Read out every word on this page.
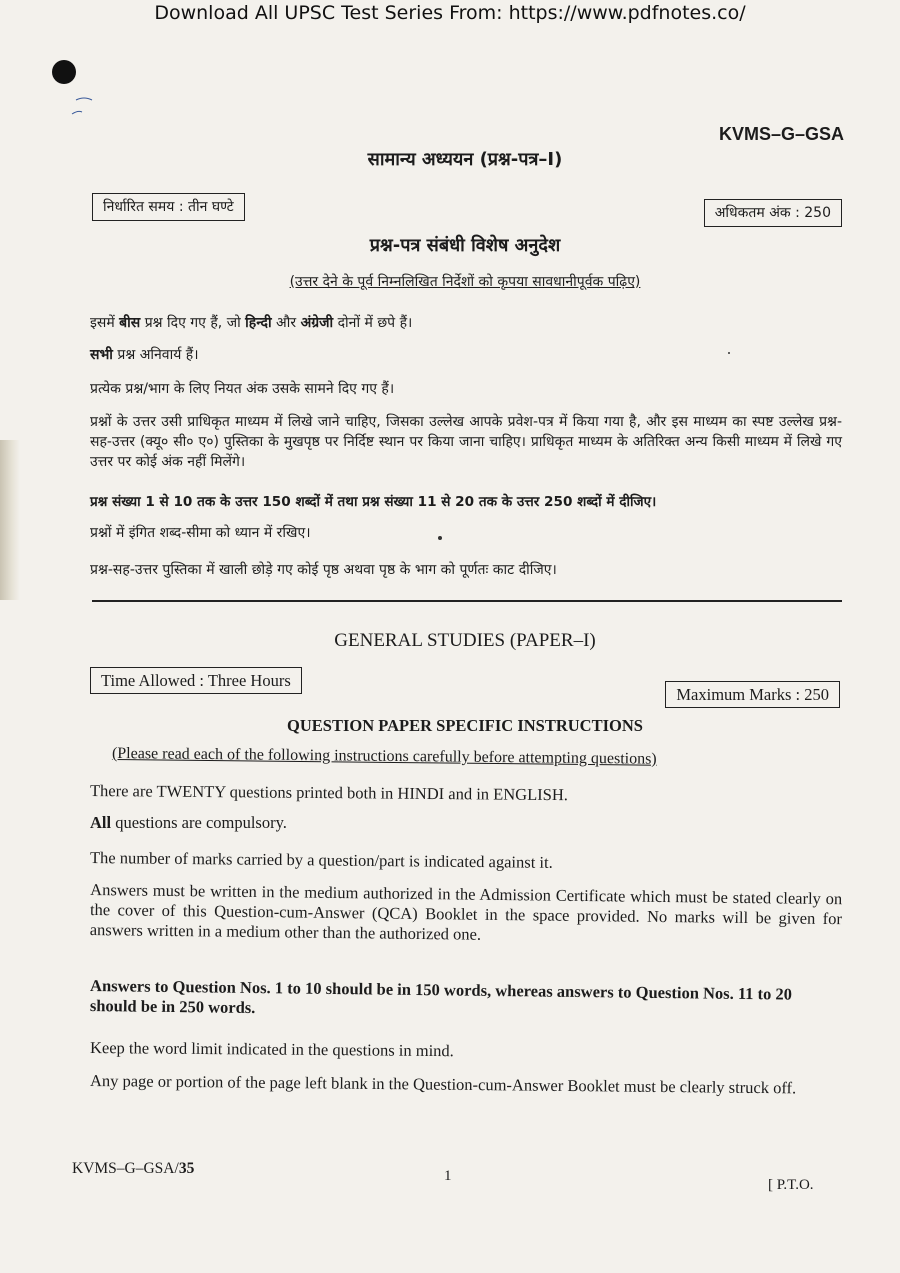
Download All UPSC Test Series From: https://www.pdfnotes.co/
KVMS–G–GSA
सामान्य अध्ययन (प्रश्न-पत्र–I)
निर्धारित समय : तीन घण्टे	अधिकतम अंक : 250
प्रश्न-पत्र संबंधी विशेष अनुदेश
(उत्तर देने के पूर्व निम्नलिखित निर्देशों को कृपया सावधानीपूर्वक पढ़िए)
इसमें बीस प्रश्न दिए गए हैं, जो हिन्दी और अंग्रेजी दोनों में छपे हैं।
सभी प्रश्न अनिवार्य हैं।
प्रत्येक प्रश्न/भाग के लिए नियत अंक उसके सामने दिए गए हैं।
प्रश्नों के उत्तर उसी प्राधिकृत माध्यम में लिखे जाने चाहिए, जिसका उल्लेख आपके प्रवेश-पत्र में किया गया है, और इस माध्यम का स्पष्ट उल्लेख प्रश्न-सह-उत्तर (क्यू० सी० ए०) पुस्तिका के मुखपृष्ठ पर निर्दिष्ट स्थान पर किया जाना चाहिए। प्राधिकृत माध्यम के अतिरिक्त अन्य किसी माध्यम में लिखे गए उत्तर पर कोई अंक नहीं मिलेंगे।
प्रश्न संख्या 1 से 10 तक के उत्तर 150 शब्दों में तथा प्रश्न संख्या 11 से 20 तक के उत्तर 250 शब्दों में दीजिए।
प्रश्नों में इंगित शब्द-सीमा को ध्यान में रखिए।
प्रश्न-सह-उत्तर पुस्तिका में खाली छोड़े गए कोई पृष्ठ अथवा पृष्ठ के भाग को पूर्णतः काट दीजिए।
GENERAL STUDIES (PAPER–I)
Time Allowed : Three Hours
Maximum Marks : 250
QUESTION PAPER SPECIFIC INSTRUCTIONS
(Please read each of the following instructions carefully before attempting questions)
There are TWENTY questions printed both in HINDI and in ENGLISH.
All questions are compulsory.
The number of marks carried by a question/part is indicated against it.
Answers must be written in the medium authorized in the Admission Certificate which must be stated clearly on the cover of this Question-cum-Answer (QCA) Booklet in the space provided. No marks will be given for answers written in a medium other than the authorized one.
Answers to Question Nos. 1 to 10 should be in 150 words, whereas answers to Question Nos. 11 to 20 should be in 250 words.
Keep the word limit indicated in the questions in mind.
Any page or portion of the page left blank in the Question-cum-Answer Booklet must be clearly struck off.
KVMS–G–GSA/35	1
[ P.T.O.
